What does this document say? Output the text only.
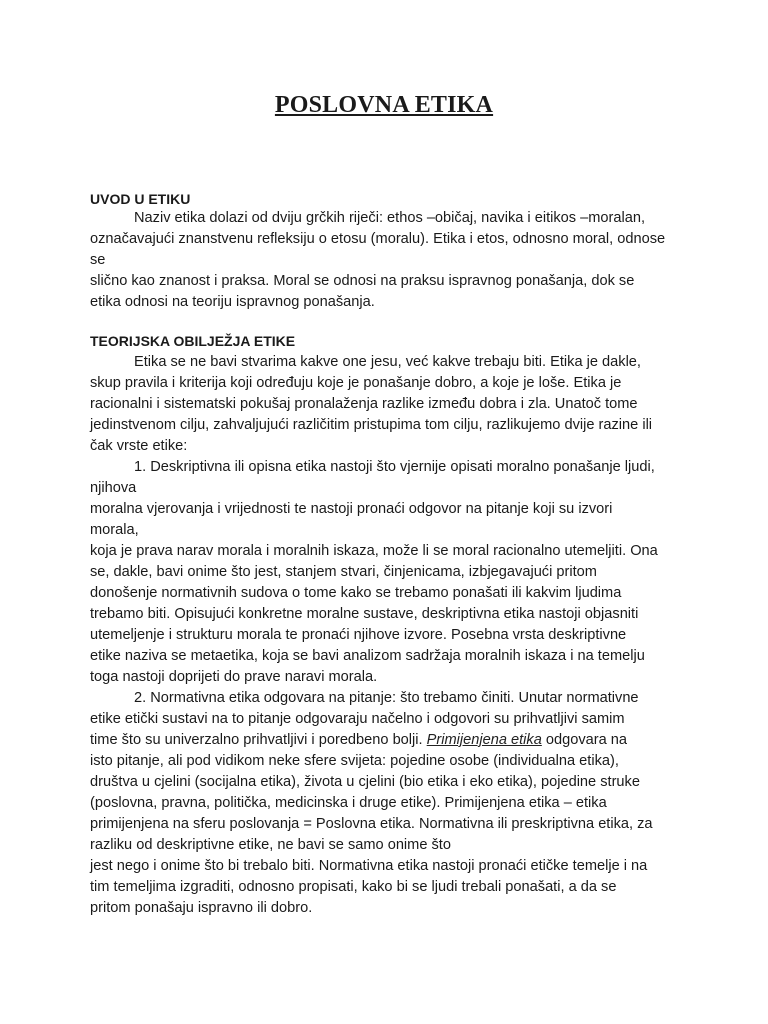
POSLOVNA ETIKA
UVOD U ETIKU
Naziv etika dolazi od dviju grčkih riječi: ethos –običaj, navika i eitikos –moralan,
označavajući znanstvenu refleksiju o etosu (moralu). Etika i etos, odnosno moral, odnose
se
slično kao znanost i praksa. Moral se odnosi na praksu ispravnog ponašanja, dok se
etika odnosi na teoriju ispravnog ponašanja.
TEORIJSKA OBILJEŽJA ETIKE
Etika se ne bavi stvarima kakve one jesu, već kakve trebaju biti. Etika je dakle,
skup pravila i kriterija koji određuju koje je ponašanje dobro, a koje je loše. Etika je
racionalni i sistematski pokušaj pronalaženja razlike između dobra i zla. Unatoč tome
jedinstvenom cilju, zahvaljujući različitim pristupima tom cilju, razlikujemo dvije razine ili
čak vrste etike:
1. Deskriptivna ili opisna etika nastoji što vjernije opisati moralno ponašanje ljudi,
njihova
moralna vjerovanja i vrijednosti te nastoji pronaći odgovor na pitanje koji su izvori
morala,
koja je prava narav morala i moralnih iskaza, može li se moral racionalno utemeljiti. Ona
se, dakle, bavi onime što jest, stanjem stvari, činjenicama, izbjegavajući pritom
donošenje normativnih sudova o tome kako se trebamo ponašati ili kakvim ljudima
trebamo biti. Opisujući konkretne moralne sustave, deskriptivna etika nastoji objasniti
utemeljenje i strukturu morala te pronaći njihove izvore. Posebna vrsta deskriptivne
etike naziva se metaetika, koja se bavi analizom sadržaja moralnih iskaza i na temelju
toga nastoji doprijeti do prave naravi morala.
2. Normativna etika odgovara na pitanje: što trebamo činiti. Unutar normativne
etike etički sustavi na to pitanje odgovaraju načelno i odgovori su prihvatljivi samim
time što su univerzalno prihvatljivi i poredbeno bolji. Primijenjena etika odgovara na
isto pitanje, ali pod vidikom neke sfere svijeta: pojedine osobe (individualna etika),
društva u cjelini (socijalna etika), života u cjelini (bio etika i eko etika), pojedine struke
(poslovna, pravna, politička, medicinska i druge etike). Primijenjena etika – etika
primijenjena na sferu poslovanja = Poslovna etika. Normativna ili preskriptivna etika, za
razliku od deskriptivne etike, ne bavi se samo onime što
jest nego i onime što bi trebalo biti. Normativna etika nastoji pronaći etičke temelje i na
tim temeljima izgraditi, odnosno propisati, kako bi se ljudi trebali ponašati, a da se
pritom ponašaju ispravno ili dobro.
